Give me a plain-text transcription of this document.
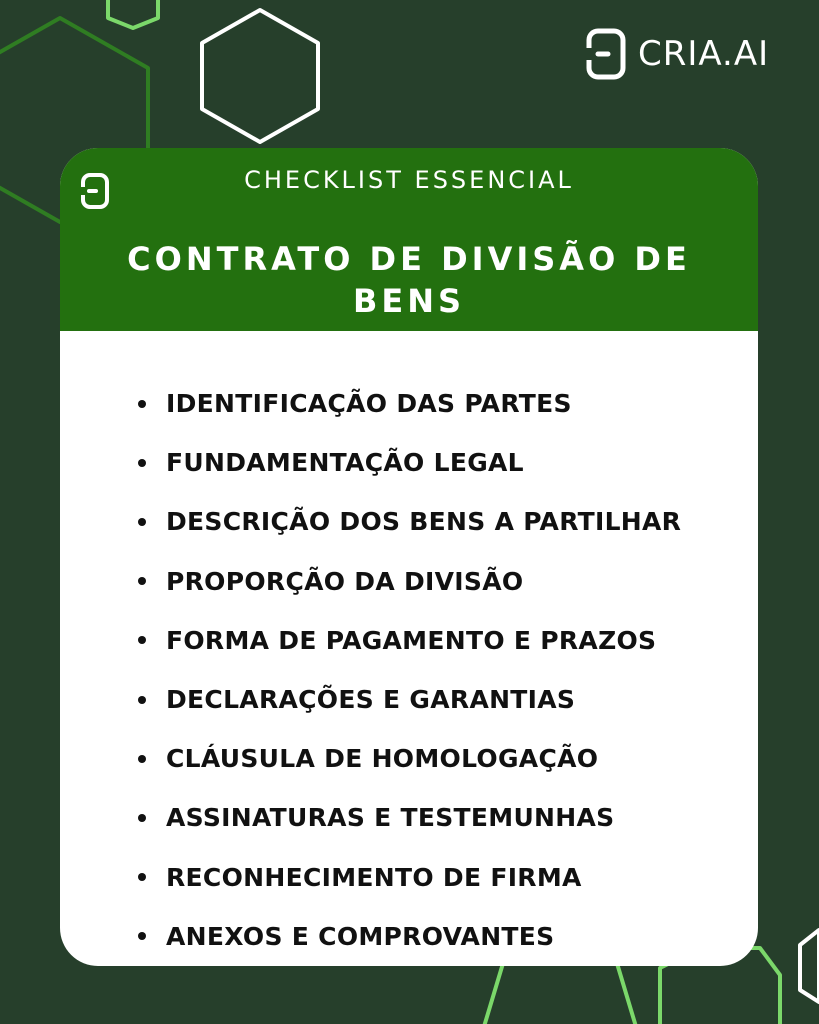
CRIA.AI
CHECKLIST ESSENCIAL
CONTRATO DE DIVISÃO DE BENS
IDENTIFICAÇÃO DAS PARTES
FUNDAMENTAÇÃO LEGAL
DESCRIÇÃO DOS BENS A PARTILHAR
PROPORÇÃO DA DIVISÃO
FORMA DE PAGAMENTO E PRAZOS
DECLARAÇÕES E GARANTIAS
CLÁUSULA DE HOMOLOGAÇÃO
ASSINATURAS E TESTEMUNHAS
RECONHECIMENTO DE FIRMA
ANEXOS E COMPROVANTES
